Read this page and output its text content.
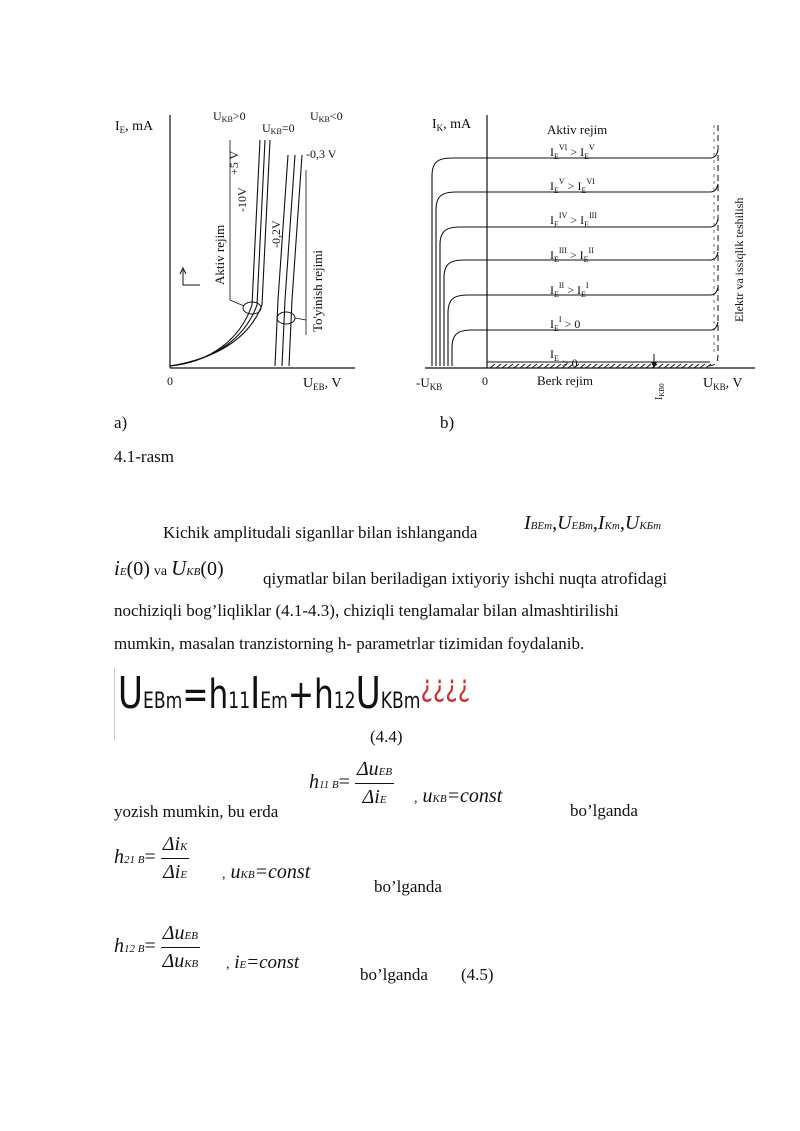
$I_E$, mA
0	$U_{EB}$, V
UKB>0
UKB=0
UKB<0
+5 V
-10V
-0,2V
-0,3 V
Aktiv rejim	To'yinish rejimi
a)
$I_K$, mA	Aktiv rejim
0
$-U_{KB}$	$U_{KB}$, V
Berk rejim
$I_{KB0}$
Elektr va issiqlik teshilish
$I_E^{VI} > I_E^V$
$I_E^V > I_E^{VI}$
$I_E^{IV} > I_E^{III}$
$I_E^{III} > I_E^{II}$
$I_E^{II} > I_E^I$
$I_E^I > 0$
$I_E > 0$
b)
4.1-rasm
Kichik amplitudali siganllar bilan ishlanganda IBEm,UEBm,IKm,UKБm
iE(0) va UKB(0) qiymatlar bilan beriladigan ixtiyoriy ishchi nuqta atrofidagi
nochiziqli bog’liqliklar (4.1-4.3), chiziqli tenglamalar bilan almashtirilishi
mumkin, masalan tranzistorning h- parametrlar tizimidan foydalanib.
UEBm=h11IEm+h12UKBm¿¿¿¿
(4.4)
h11 $B= \frac{\text{ΔuEB}}{\text{ΔiE}}$ , uKB=const
yozish mumkin, bu erda	bo’lganda
h21 $B= \frac{\text{ΔiK}}{\text{ΔiE}}$ , uKB=const
bo’lganda
h12 $B= \frac{\text{ΔuEB}}{\text{ΔuKB}}$ , iE=const
bo’lganda (4.5)
